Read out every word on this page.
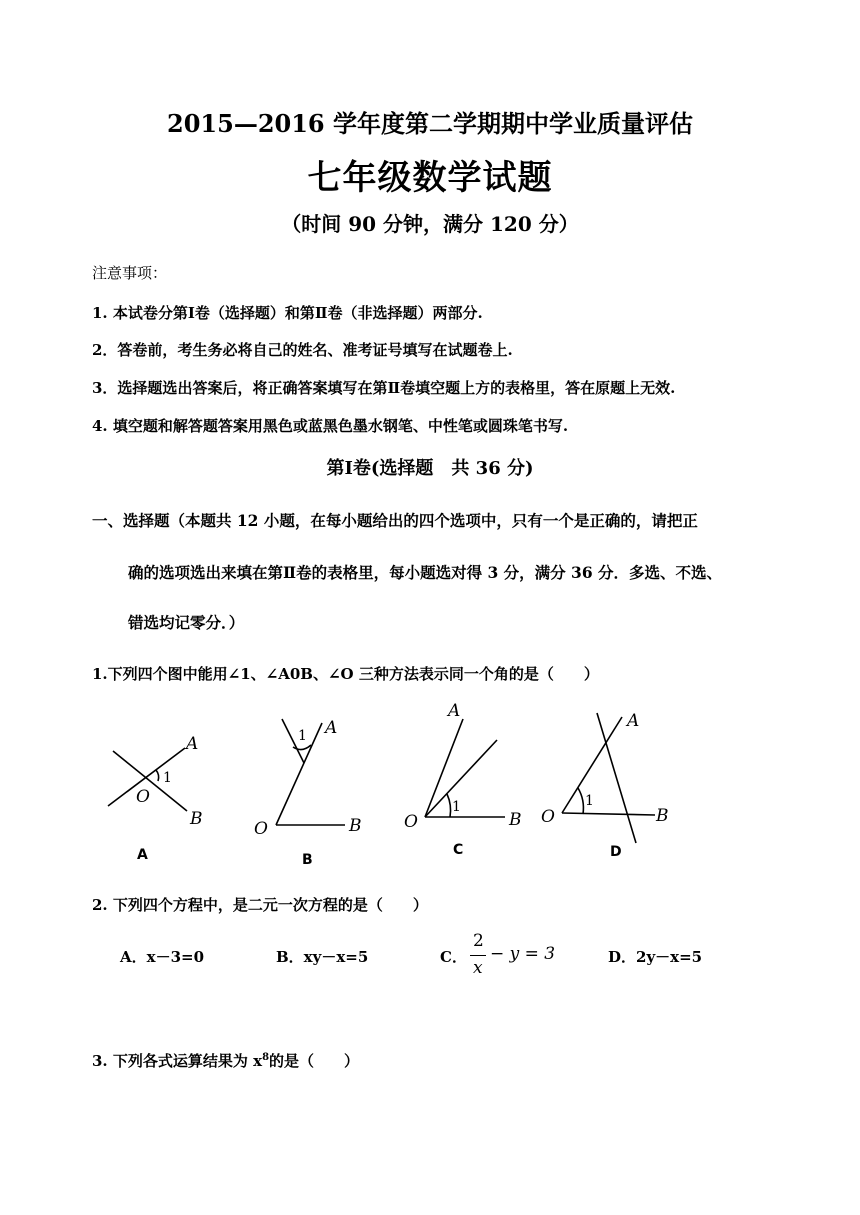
2015—2016 学年度第二学期期中学业质量评估
七年级数学试题
（时间 90 分钟，满分 120 分）
注意事项：
1. 本试卷分第Ⅰ卷（选择题）和第Ⅱ卷（非选择题）两部分.
2．答卷前，考生务必将自己的姓名、准考证号填写在试题卷上.
3．选择题选出答案后，将正确答案填写在第Ⅱ卷填空题上方的表格里，答在原题上无效.
4. 填空题和解答题答案用黑色或蓝黑色墨水钢笔、中性笔或圆珠笔书写.
第Ⅰ卷(选择题　共 36 分)
一、选择题（本题共 12 小题，在每小题给出的四个选项中，只有一个是正确的，请把正
确的选项选出来填在第Ⅱ卷的表格里，每小题选对得 3 分，满分 36 分．多选、不选、
错选均记零分．）
1.下列四个图中能用∠1、∠A0B、∠O 三种方法表示同一个角的是（　　）
A
O
B
1
A
O	B
1
A
O	B
1
A
O	B
1
A	B
C	D
2. 下列四个方程中，是二元一次方程的是（　　）
A．x－3=0	B．xy－x=5	C．
2
x
− y = 3	D．2y－x=5
3. 下列各式运算结果为 $x^8$的是（　　）
